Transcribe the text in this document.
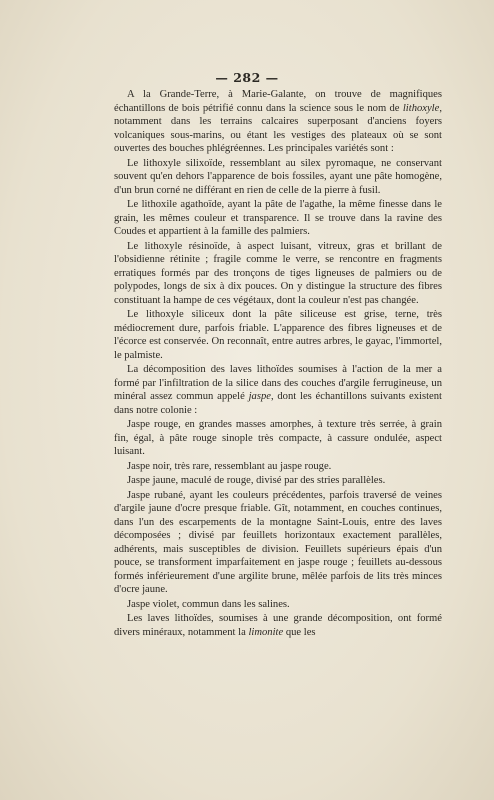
— 282 —

A la Grande-Terre, à Marie-Galante, on trouve de magnifiques échantillons de bois pétrifié connu dans la science sous le nom de lithoxyle, notamment dans les terrains calcaires superposant d'anciens foyers volcaniques sous-marins, ou étant les vestiges des plateaux où se sont ouvertes des bouches phlégréennes. Les principales variétés sont :

Le lithoxyle silixoïde, ressemblant au silex pyromaque, ne conservant souvent qu'en dehors l'apparence de bois fossiles, ayant une pâte homogène, d'un brun corné ne différant en rien de celle de la pierre à fusil.

Le lithoxile agathoïde, ayant la pâte de l'agathe, la même finesse dans le grain, les mêmes couleur et transparence. Il se trouve dans la ravine des Coudes et appartient à la famille des palmiers.

Le lithoxyle résinoïde, à aspect luisant, vitreux, gras et brillant de l'obsidienne rétinite ; fragile comme le verre, se rencontre en fragments erratiques formés par des tronçons de tiges ligneuses de palmiers ou de polypodes, longs de six à dix pouces. On y distingue la structure des fibres constituant la hampe de ces végétaux, dont la couleur n'est pas changée.

Le lithoxyle siliceux dont la pâte siliceuse est grise, terne, très médiocrement dure, parfois friable. L'apparence des fibres ligneuses et de l'écorce est conservée. On reconnaît, entre autres arbres, le gayac, l'immortel, le palmiste.

La décomposition des laves lithoïdes soumises à l'action de la mer a formé par l'infiltration de la silice dans des couches d'argile ferrugineuse, un minéral assez commun appelé jaspe, dont les échantillons suivants existent dans notre colonie :

Jaspe rouge, en grandes masses amorphes, à texture très serrée, à grain fin, égal, à pâte rouge sinople très compacte, à cassure ondulée, aspect luisant.

Jaspe noir, très rare, ressemblant au jaspe rouge.

Jaspe jaune, maculé de rouge, divisé par des stries parallèles.

Jaspe rubané, ayant les couleurs précédentes, parfois traversé de veines d'argile jaune d'ocre presque friable. Gît, notamment, en couches continues, dans l'un des escarpements de la montagne Saint-Louis, entre des laves décomposées ; divisé par feuillets horizontaux exactement parallèles, adhérents, mais susceptibles de division. Feuillets supérieurs épais d'un pouce, se transforment imparfaitement en jaspe rouge ; feuillets au-dessous formés inférieurement d'une argilite brune, mêlée parfois de lits très minces d'ocre jaune.

Jaspe violet, commun dans les salines.

Les laves lithoïdes, soumises à une grande décomposition, ont formé divers minéraux, notamment la limonite que les
